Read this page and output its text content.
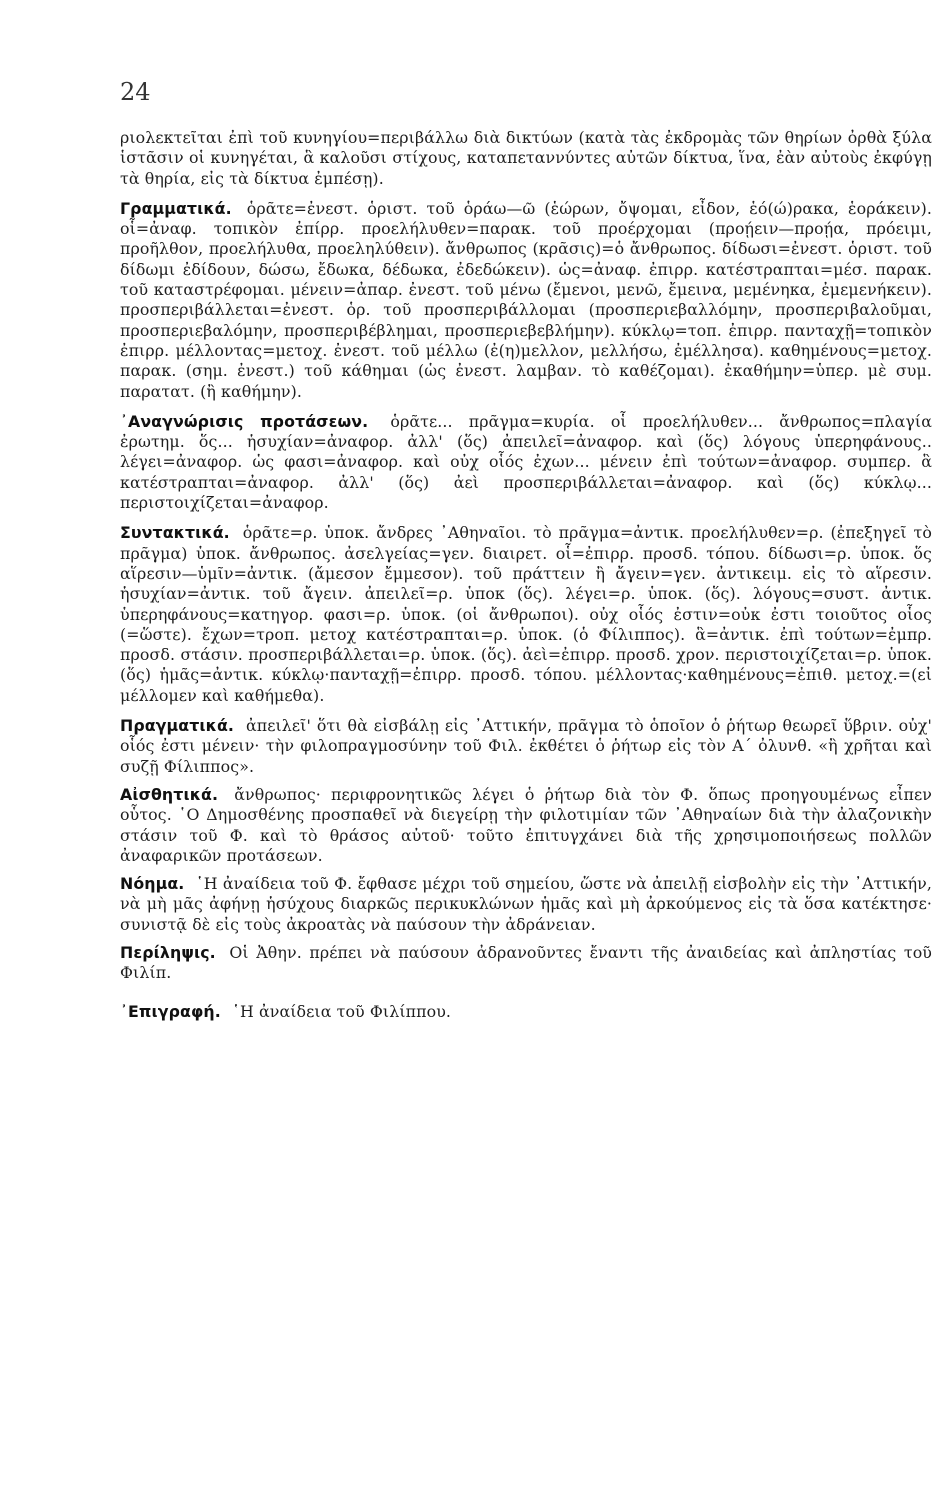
24

ριολεκτεῖται ἐπὶ τοῦ κυνηγίου=περιβάλλω διὰ δικτύων (κατὰ τὰς ἐκδρομὰς τῶν θηρίων ὀρθὰ ξύλα ἱστᾶσιν οἱ κυνηγέται, ἃ καλοῦσι στίχους, καταπεταννύντες αὐτῶν δίκτυα, ἵνα, ἐὰν αὐτοὺς ἐκφύγῃ τὰ θηρία, εἰς τὰ δίκτυα ἐμπέσῃ).

Γραμματικά. ὁρᾶτε=ἐνεστ. ὁριστ. τοῦ ὁράω—ῶ (ἑώρων, ὄψομαι, εἶδον, ἑό(ώ)ρακα, ἑοράκειν). οἷ=ἀναφ. τοπικὸν ἐπίρρ. προελήλυθεν=παρακ. τοῦ προέρχομαι (προῄειν—προῄα, πρόειμι, προῆλθον, προελήλυθα, προεληλύθειν). ἄνθρωπος (κρᾶσις)=ὁ ἄνθρωπος. δίδωσι=ἐνεστ. ὁριστ. τοῦ δίδωμι ἐδίδουν, δώσω, ἔδωκα, δέδωκα, ἐδεδώκειν). ὡς=ἀναφ. ἐπιρρ. κατέστραπται=μέσ. παρακ. τοῦ καταστρέφομαι. μένειν=ἀπαρ. ἐνεστ. τοῦ μένω (ἔμενοι, μενῶ, ἔμεινα, μεμένηκα, ἐμεμενήκειν). προσπεριβάλλεται=ἐνεστ. ὁρ. τοῦ προσπεριβάλλομαι (προσπεριεβαλλόμην, προσπεριβαλοῦμαι, προσπεριεβαλόμην, προσπεριβέβλημαι, προσπεριεβεβλήμην). κύκλῳ=τοπ. ἐπιρρ. πανταχῇ=τοπικὸν ἐπιρρ. μέλλοντας=μετοχ. ἐνεστ. τοῦ μέλλω (ἐ(η)μελλον, μελλήσω, ἐμέλλησα). καθημένους=μετοχ. παρακ. (σημ. ἐνεστ.) τοῦ κάθημαι (ὡς ἐνεστ. λαμβαν. τὸ καθέζομαι). ἐκαθήμην=ὑπερ. μὲ συμ. παρατατ. (ἢ καθήμην).

᾿Αναγνώρισις προτάσεων. ὁρᾶτε... πρᾶγμα=κυρία. οἷ προελήλυθεν... ἄνθρωπος=πλαγία ἐρωτημ. ὅς... ἡσυχίαν=ἀναφορ. ἀλλ' (ὅς) ἀπειλεῖ=ἀναφορ. καὶ (ὅς) λόγους ὑπερηφάνους.. λέγει=ἀναφορ. ὡς φασι=ἀναφορ. καὶ οὐχ οἷός ἐχων... μένειν ἐπὶ τούτων=ἀναφορ. συμπερ. ἃ κατέστραπται=ἀναφορ. ἀλλ' (ὅς) ἀεὶ προσπεριβάλλεται=ἀναφορ. καὶ (ὅς) κύκλῳ... περιστοιχίζεται=ἀναφορ.

Συντακτικά. ὁρᾶτε=ρ. ὑποκ. ἄνδρες ᾿Αθηναῖοι. τὸ πρᾶγμα=ἀντικ. προελήλυθεν=ρ. (ἐπεξηγεῖ τὸ πρᾶγμα) ὑποκ. ἄνθρωπος. ἀσελγείας=γεν. διαιρετ. οἷ=ἐπιρρ. προσδ. τόπου. δίδωσι=ρ. ὑποκ. ὅς αἵρεσιν—ὑμῖν=ἀντικ. (ἄμεσον ἔμμεσον). τοῦ πράττειν ἢ ἄγειν=γεν. ἀντικειμ. εἰς τὸ αἵρεσιν. ἡσυχίαν=ἀντικ. τοῦ ἄγειν. ἀπειλεῖ=ρ. ὑποκ (ὅς). λέγει=ρ. ὑποκ. (ὅς). λόγους=συστ. ἀντικ. ὑπερηφάνους=κατηγορ. φασι=ρ. ὑποκ. (οἱ ἄνθρωποι). οὐχ οἷός ἐστιν=οὐκ ἐστι τοιοῦτος οἷος (=ὥστε). ἔχων=τροπ. μετοχ κατέστραπται=ρ. ὑποκ. (ὁ Φίλιππος). ἃ=ἀντικ. ἐπὶ τούτων=ἐμπρ. προσδ. στάσιν. προσπεριβάλλεται=ρ. ὑποκ. (ὅς). ἀεὶ=ἐπιρρ. προσδ. χρον. περιστοιχίζεται=ρ. ὑποκ. (ὅς) ἡμᾶς=ἀντικ. κύκλῳ·πανταχῇ=ἐπιρρ. προσδ. τόπου. μέλλοντας·καθημένους=ἐπιθ. μετοχ.=(εἰ μέλλομεν καὶ καθήμεθα).

Πραγματικά. ἀπειλεῖ' ὅτι θὰ εἰσβάλῃ εἰς ᾿Αττικήν, πρᾶγμα τὸ ὁποῖον ὁ ῥήτωρ θεωρεῖ ὕβριν. οὐχ' οἷός ἐστι μένειν· τὴν φιλοπραγμοσύνην τοῦ Φιλ. ἐκθέτει ὁ ῥήτωρ εἰς τὸν Α΄ ὀλυνθ. «ἢ χρῆται καὶ συζῇ Φίλιππος».

Αἰσθητικά. ἄνθρωπος· περιφρονητικῶς λέγει ὁ ῥήτωρ διὰ τὸν Φ. ὅπως προηγουμένως εἶπεν οὗτος. ῾Ο Δημοσθένης προσπαθεῖ νὰ διεγείρῃ τὴν φιλοτιμίαν τῶν ᾿Αθηναίων διὰ τὴν ἀλαζονικὴν στάσιν τοῦ Φ. καὶ τὸ θράσος αὐτοῦ· τοῦτο ἐπιτυγχάνει διὰ τῆς χρησιμοποιήσεως πολλῶν ἀναφαρικῶν προτάσεων.

Νόημα. ῾Η ἀναίδεια τοῦ Φ. ἔφθασε μέχρι τοῦ σημείου, ὥστε νὰ ἀπειλῇ εἰσβολὴν εἰς τὴν ᾿Αττικήν, νὰ μὴ μᾶς ἀφήνῃ ἡσύχους διαρκῶς περικυκλώνων ἡμᾶς καὶ μὴ ἀρκούμενος εἰς τὰ ὅσα κατέκτησε· συνιστᾷ δὲ εἰς τοὺς ἀκροατὰς νὰ παύσουν τὴν ἀδράνειαν.

Περίληψις. Οἱ Ἀθην. πρέπει νὰ παύσουν ἀδρανοῦντες ἔναντι τῆς ἀναιδείας καὶ ἀπληστίας τοῦ Φιλίπ.

᾿Επιγραφή. ῾Η ἀναίδεια τοῦ Φιλίππου.
